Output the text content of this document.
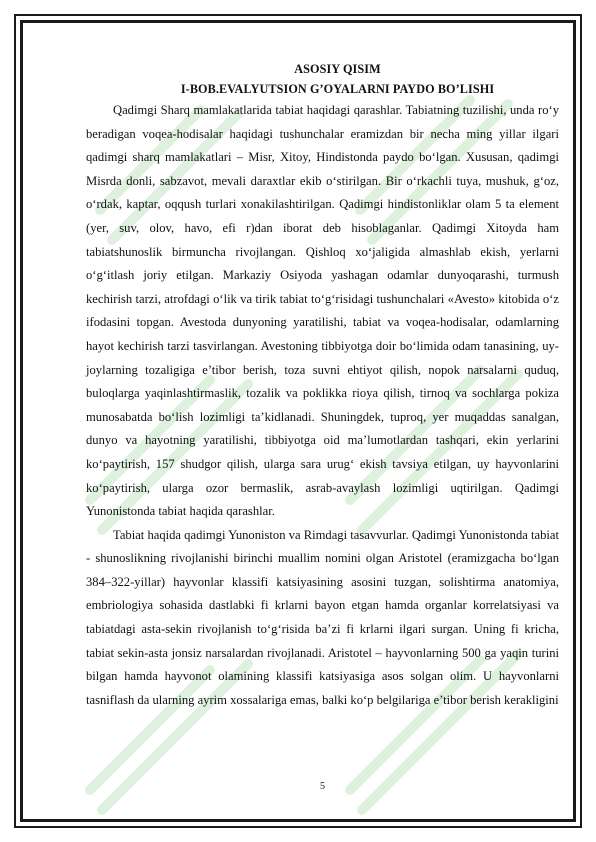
ASOSIY QISIM

I-BOB.EVALYUTSION G’OYALARNI PAYDO BO’LISHI

Qadimgi Sharq mamlakatlarida tabiat haqidagi qarashlar. Tabiatning tuzilishi, unda ro‘y beradigan voqea-hodisalar haqidagi tushunchalar eramizdan bir necha ming yillar ilgari qadimgi sharq mamlakatlari – Misr, Xitoy, Hindistonda paydo bo‘lgan. Xususan, qadimgi Misrda donli, sabzavot, mevali daraxtlar ekib o‘stirilgan. Bir o‘rkachli tuya, mushuk, g‘oz, o‘rdak, kaptar, oqqush turlari xonakilashtirilgan. Qadimgi hindistonliklar olam 5 ta element (yer, suv, olov, havo, efi r)dan iborat deb hisoblaganlar. Qadimgi Xitoyda ham tabiatshunoslik birmuncha rivojlangan. Qishloq xo‘jaligida almashlab ekish, yerlarni o‘g‘itlash joriy etilgan. Markaziy Osiyoda yashagan odamlar dunyoqarashi, turmush kechirish tarzi, atrofdagi o‘lik va tirik tabiat to‘g‘risidagi tushunchalari «Avesto» kitobida o‘z ifodasini topgan. Avestoda dunyoning yaratilishi, tabiat va voqea-hodisalar, odamlarning hayot kechirish tarzi tasvirlangan. Avestoning tibbiyotga doir bo‘limida odam tanasining, uy-joylarning tozaligiga e’tibor berish, toza suvni ehtiyot qilish, nopok narsalarni quduq, buloqlarga yaqinlashtirmaslik, tozalik va poklikka rioya qilish, tirnoq va sochlarga pokiza munosabatda bo‘lish lozimligi ta’kidlanadi. Shuningdek, tuproq, yer muqaddas sanalgan, dunyo va hayotning yaratilishi, tibbiyotga oid ma’lumotlardan tashqari, ekin yerlarini ko‘paytirish, 157 shudgor qilish, ularga sara urug‘ ekish tavsiya etilgan, uy hayvonlarini ko‘paytirish, ularga ozor bermaslik, asrab-avaylash lozimligi uqtirilgan. Qadimgi Yunonistonda tabiat haqida qarashlar.

Tabiat haqida qadimgi Yunoniston va Rimdagi tasavvurlar. Qadimgi Yunonistonda tabiat - shunoslikning rivojlanishi birinchi muallim nomini olgan Aristotel (eramizgacha bo‘lgan 384–322-yillar) hayvonlar klassifi katsiyasining asosini tuzgan, solishtirma anatomiya, embriologiya sohasida dastlabki fi krlarni bayon etgan hamda organlar korrelatsiyasi va tabiatdagi asta-sekin rivojlanish to‘g‘risida ba’zi fi krlarni ilgari surgan. Uning fi kricha, tabiat sekin-asta jonsiz narsalardan rivojlanadi. Aristotel – hayvonlarning 500 ga yaqin turini bilgan hamda hayvonot olamining klassifi katsiyasiga asos solgan olim. U hayvonlarni tasniflash da ularning ayrim xossalariga emas, balki ko‘p belgilariga e’tibor berish kerakligini

5
